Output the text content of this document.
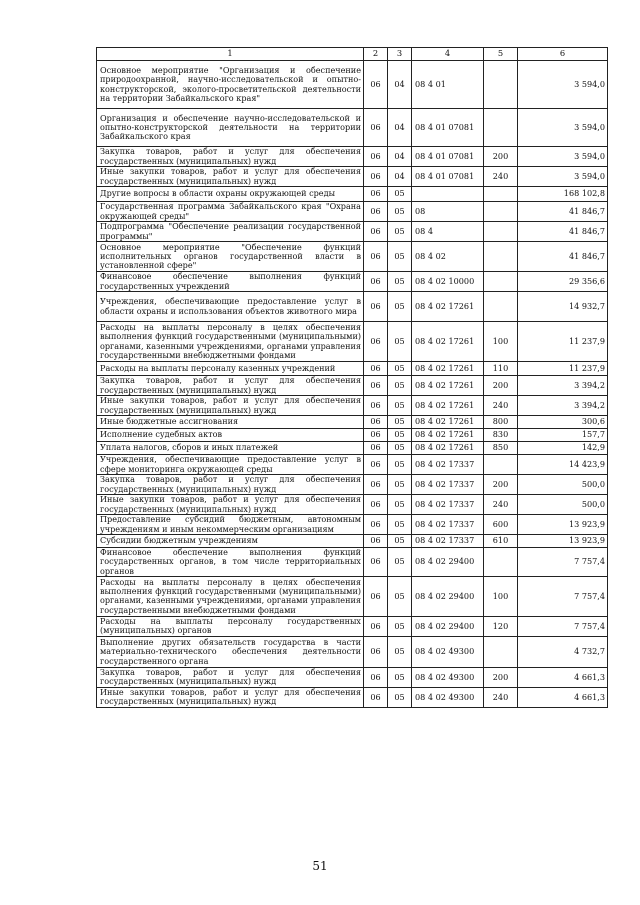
1	2	3	4	5	6
Основное мероприятие "Организация и обеспечение природоохранной, научно-исследовательской и опытно-конструкторской, эколого-просветительской деятельности на территории Забайкальского края"	06	04	08 4 01		3 594,0
Организация и обеспечение научно-исследовательской и опытно-конструкторской деятельности на территории Забайкальского края	06	04	08 4 01 07081		3 594,0
Закупка товаров, работ и услуг для обеспечения государственных (муниципальных) нужд	06	04	08 4 01 07081	200	3 594,0
Иные закупки товаров, работ и услуг для обеспечения государственных (муниципальных) нужд	06	04	08 4 01 07081	240	3 594,0
Другие вопросы в области охраны окружающей среды	06	05			168 102,8
Государственная программа Забайкальского края "Охрана окружающей среды"	06	05	08		41 846,7
Подпрограмма "Обеспечение реализации государственной программы"	06	05	08 4		41 846,7
Основное мероприятие "Обеспечение функций исполнительных органов государственной власти в установленной сфере"	06	05	08 4 02		41 846,7
Финансовое обеспечение выполнения функций государственных учреждений	06	05	08 4 02 10000		29 356,6
Учреждения, обеспечивающие предоставление услуг в области охраны и использования объектов животного мира	06	05	08 4 02 17261		14 932,7
Расходы на выплаты персоналу в целях обеспечения выполнения функций государственными (муниципальными) органами, казенными учреждениями, органами управления государственными внебюджетными фондами	06	05	08 4 02 17261	100	11 237,9
Расходы на выплаты персоналу казенных учреждений	06	05	08 4 02 17261	110	11 237,9
Закупка товаров, работ и услуг для обеспечения государственных (муниципальных) нужд	06	05	08 4 02 17261	200	3 394,2
Иные закупки товаров, работ и услуг для обеспечения государственных (муниципальных) нужд	06	05	08 4 02 17261	240	3 394,2
Иные бюджетные ассигнования	06	05	08 4 02 17261	800	300,6
Исполнение судебных актов	06	05	08 4 02 17261	830	157,7
Уплата налогов, сборов и иных платежей	06	05	08 4 02 17261	850	142,9
Учреждения, обеспечивающие предоставление услуг в сфере мониторинга окружающей среды	06	05	08 4 02 17337		14 423,9
Закупка товаров, работ и услуг для обеспечения государственных (муниципальных) нужд	06	05	08 4 02 17337	200	500,0
Иные закупки товаров, работ и услуг для обеспечения государственных (муниципальных) нужд	06	05	08 4 02 17337	240	500,0
Предоставление субсидий бюджетным, автономным учреждениям и иным некоммерческим организациям	06	05	08 4 02 17337	600	13 923,9
Субсидии бюджетным учреждениям	06	05	08 4 02 17337	610	13 923,9
Финансовое обеспечение выполнения функций государственных органов, в том числе территориальных органов	06	05	08 4 02 29400		7 757,4
Расходы на выплаты персоналу в целях обеспечения выполнения функций государственными (муниципальными) органами, казенными учреждениями, органами управления государственными внебюджетными фондами	06	05	08 4 02 29400	100	7 757,4
Расходы на выплаты персоналу государственных (муниципальных) органов	06	05	08 4 02 29400	120	7 757,4
Выполнение других обязательств государства в части материально-технического обеспечения деятельности государственного органа	06	05	08 4 02 49300		4 732,7
Закупка товаров, работ и услуг для обеспечения государственных (муниципальных) нужд	06	05	08 4 02 49300	200	4 661,3
Иные закупки товаров, работ и услуг для обеспечения государственных (муниципальных) нужд	06	05	08 4 02 49300	240	4 661,3
51
